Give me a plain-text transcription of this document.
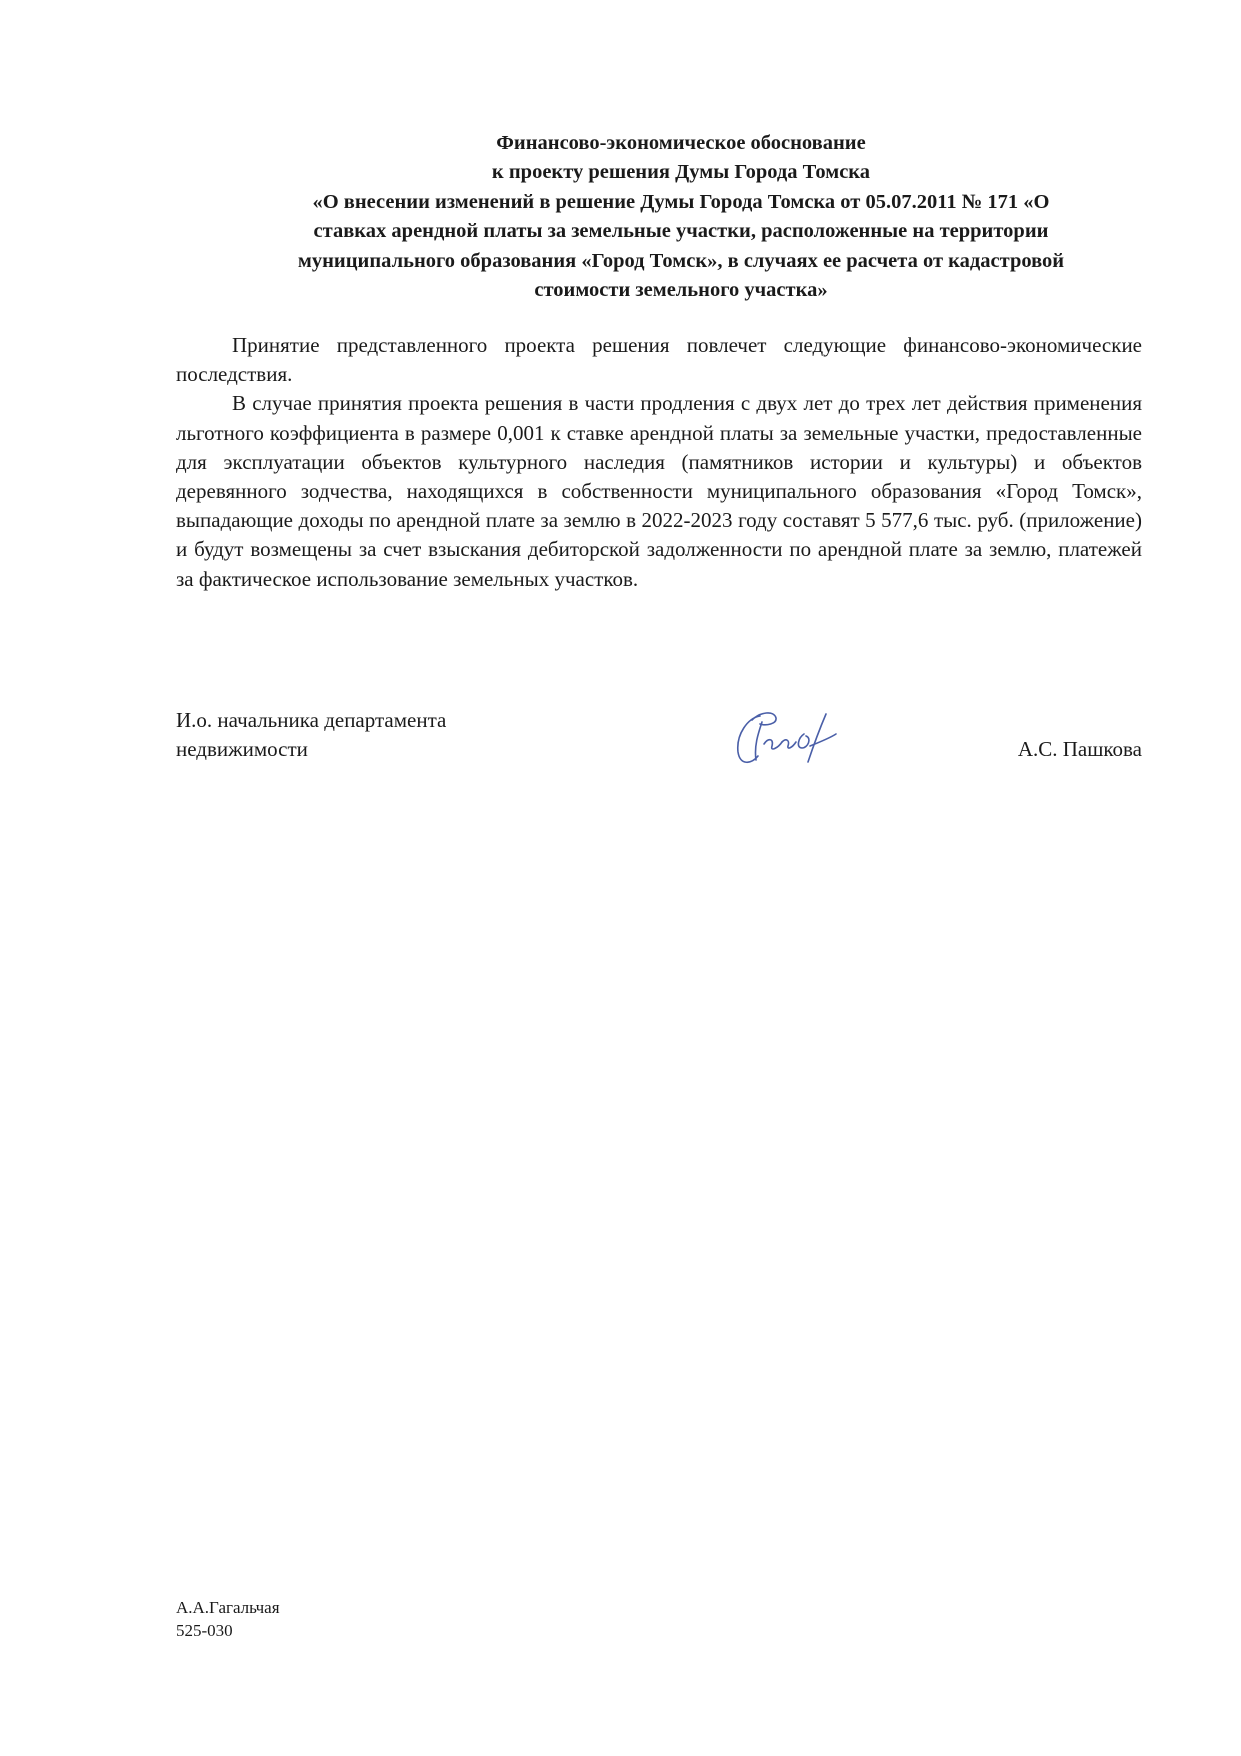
Финансово-экономическое обоснование
к проекту решения Думы Города Томска
«О внесении изменений в решение Думы Города Томска от 05.07.2011 № 171 «О
ставках арендной платы за земельные участки, расположенные на территории
муниципального образования «Город Томск», в случаях ее расчета от кадастровой
стоимости земельного участка»

Принятие представленного проекта решения повлечет следующие финансово-экономические последствия.

В случае принятия проекта решения в части продления с двух лет до трех лет действия применения льготного коэффициента в размере 0,001 к ставке арендной платы за земельные участки, предоставленные для эксплуатации объектов культурного наследия (памятников истории и культуры) и объектов деревянного зодчества, находящихся в собственности муниципального образования «Город Томск», выпадающие доходы по арендной плате за землю в 2022-2023 году составят 5 577,6 тыс. руб. (приложение) и будут возмещены за счет взыскания дебиторской задолженности по арендной плате за землю, платежей за фактическое использование земельных участков.

И.о. начальника департамента
недвижимости	А.С. Пашкова
А.А.Гагальчая
525-030
